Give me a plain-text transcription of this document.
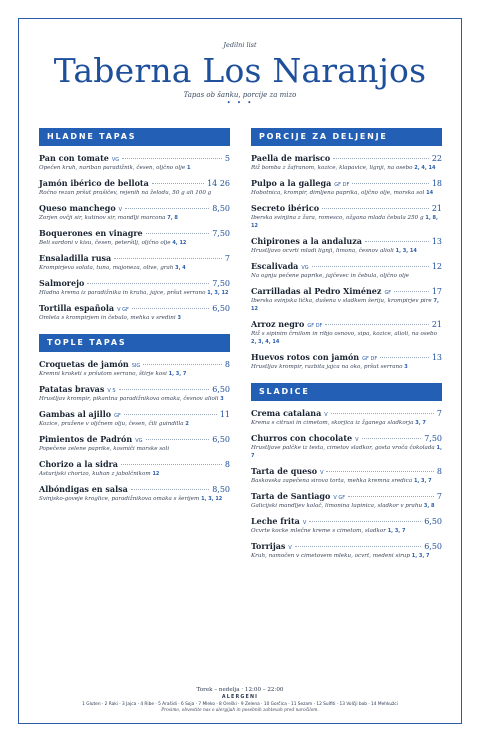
Jedilni list
Taberna Los Naranjos
Tapas ob šanku, porcije za mizo
• • •
HLADNE TAPAS
Pan con tomate VG	5
Opečen kruh, nariban paradižnik, česen, oljčno olje 1
Jamón ibérico de bellota	14 26
Ročno rezan pršut prašičev, rejenih na želodu, 50 g ali 100 g
Queso manchego V	8,50
Zorjen ovčji sir, kutinov sir, mandlji marcona 7, 8
Boquerones en vinagre	7,50
Beli sardoni v kisu, česen, peteršilj, oljčno olje 4, 12
Ensaladilla rusa	7
Krompirjeva solata, tuna, majoneza, olive, grah 3, 4
Salmorejo	7,50
Hladna krema iz paradižnika in kruha, jajce, pršut serrano 1, 3, 12
Tortilla española V GF	6,50
Omleta s krompirjem in čebulo, mehka v sredini 3
TOPLE TAPAS
Croquetas de jamón SIG	8
Kremni kroketi s pršutom serrano, štirje kosi 1, 3, 7
Patatas bravas V S	6,50
Hrustljav krompir, pikantna paradižnikova omaka, česnov alioli 3
Gambas al ajillo GF	11
Kozice, pražene v oljčnem olju, česen, čili guindilla 2
Pimientos de Padrón VG	6,50
Popečene zelene paprike, kosmiči morske soli
Chorizo a la sidra	8
Asturijski chorizo, kuhan z jabolčnikom 12
Albóndigas en salsa	8,50
Svinjsko-goveje kroglice, paradižnikova omaka s šerijem 1, 3, 12
PORCIJE ZA DELJENJE
Paella de marisco	22
Riž bomba z žafranom, kozice, klapavice, lignji, na osebo 2, 4, 14
Pulpo a la gallega GF DF	18
Hobotnica, krompir, dimljena paprika, oljčno olje, morska sol 14
Secreto ibérico	21
Iberska svinjina z žara, romesco, ožgana mlada čebula 250 g 1, 8, 12
Chipirones a la andaluza	13
Hrustljavo ocvrti mladi lignji, limona, česnov alioli 1, 3, 14
Escalivada VG	12
Na ognju pečene paprike, jajčevec in čebula, oljčno olje
Carrilladas al Pedro Ximénez GF	17
Iberska svinjska lička, dušena v sladkem šeriju, krompirjev pire 7, 12
Arroz negro GF DF	21
Riž s sipinim črnilom in ribjo osnovo, sipa, kozice, alioli, na osebo 2, 3, 4, 14
Huevos rotos con jamón GF DF	13
Hrustljav krompir, razbita jajca na oko, pršut serrano 3
SLADICE
Crema catalana V	7
Krema s citrusi in cimetom, skorjica iz žganega sladkorja 3, 7
Churros con chocolate V	7,50
Hrustljave palčke iz testa, cimetov sladkor, gosta vroča čokolada 1, 7
Tarta de queso V	8
Baskovska zapečena sirova torta, mehka kremna sredica 1, 3, 7
Tarta de Santiago V GF	7
Galicijski mandljev kolač, limonina lupinica, sladkor v prahu 3, 8
Leche frita V	6,50
Ocvrte kocke mlečne kreme s cimetom, sladkor 1, 3, 7
Torrijas V	6,50
Kruh, namočen v cimetovem mleku, ocvrt, medeni sirup 1, 3, 7
Torek – nedelja · 12:00 – 22:00
ALERGENI
1 Gluten · 2 Raki · 3 Jajca · 4 Ribe · 5 Arašidi · 6 Soja · 7 Mleko · 8 Oreški · 9 Zelena · 10 Gorčica · 11 Sezam · 12 Sulfiti · 13 Volčji bob · 14 Mehkužci
Prosimo, obvestite nas o alergijah in posebnih zahtevah pred naročilom.
